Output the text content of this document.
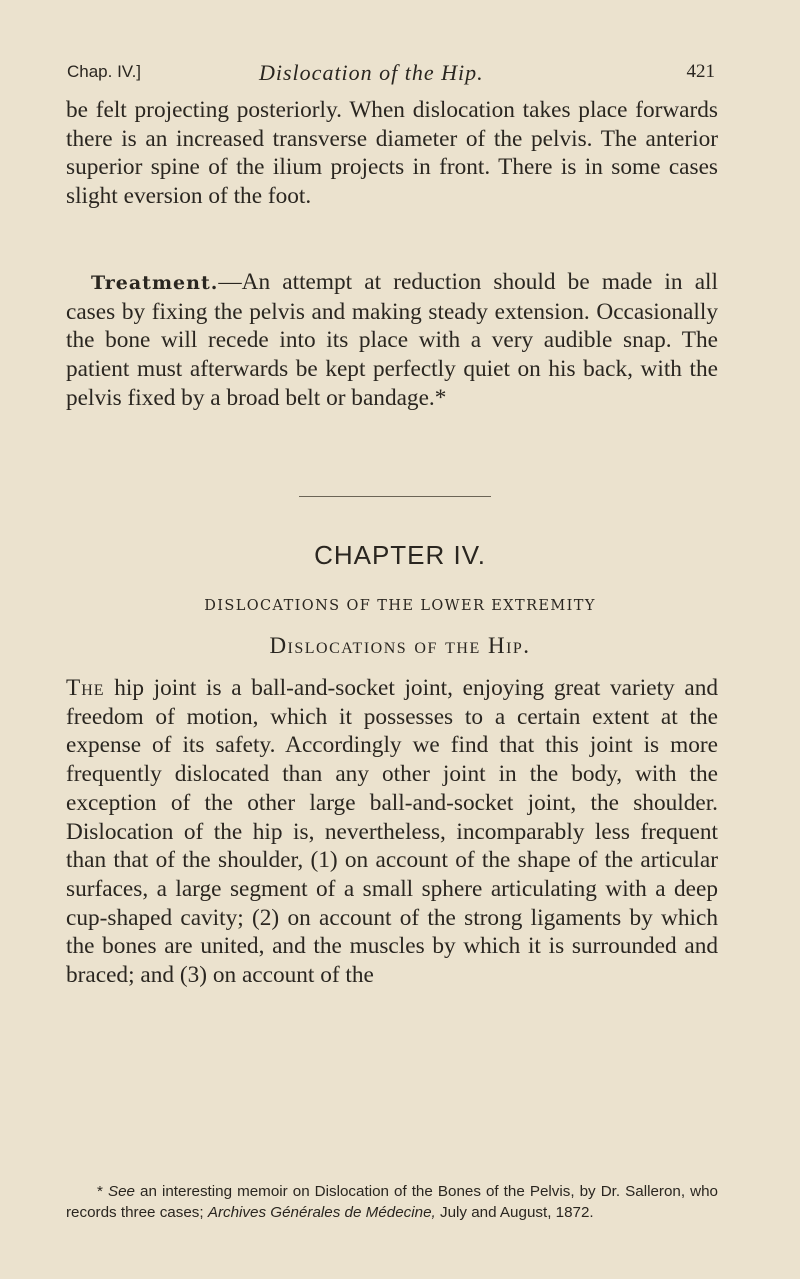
Chap. IV.]	Dislocation of the Hip.	421

be felt projecting posteriorly. When dislocation takes place forwards there is an increased transverse diameter of the pelvis. The anterior superior spine of the ilium projects in front. There is in some cases slight eversion of the foot.

Treatment.—An attempt at reduction should be made in all cases by fixing the pelvis and making steady extension. Occasionally the bone will recede into its place with a very audible snap. The patient must afterwards be kept perfectly quiet on his back, with the pelvis fixed by a broad belt or bandage.*

CHAPTER IV.
DISLOCATIONS OF THE LOWER EXTREMITY
Dislocations of the Hip.

The hip joint is a ball-and-socket joint, enjoying great variety and freedom of motion, which it possesses to a certain extent at the expense of its safety. Accordingly we find that this joint is more frequently dislocated than any other joint in the body, with the exception of the other large ball-and-socket joint, the shoulder. Dislocation of the hip is, nevertheless, incomparably less frequent than that of the shoulder, (1) on account of the shape of the articular surfaces, a large segment of a small sphere articulating with a deep cup-shaped cavity; (2) on account of the strong ligaments by which the bones are united, and the muscles by which it is surrounded and braced; and (3) on account of the

* See an interesting memoir on Dislocation of the Bones of the Pelvis, by Dr. Salleron, who records three cases; Archives Générales de Médecine, July and August, 1872.
